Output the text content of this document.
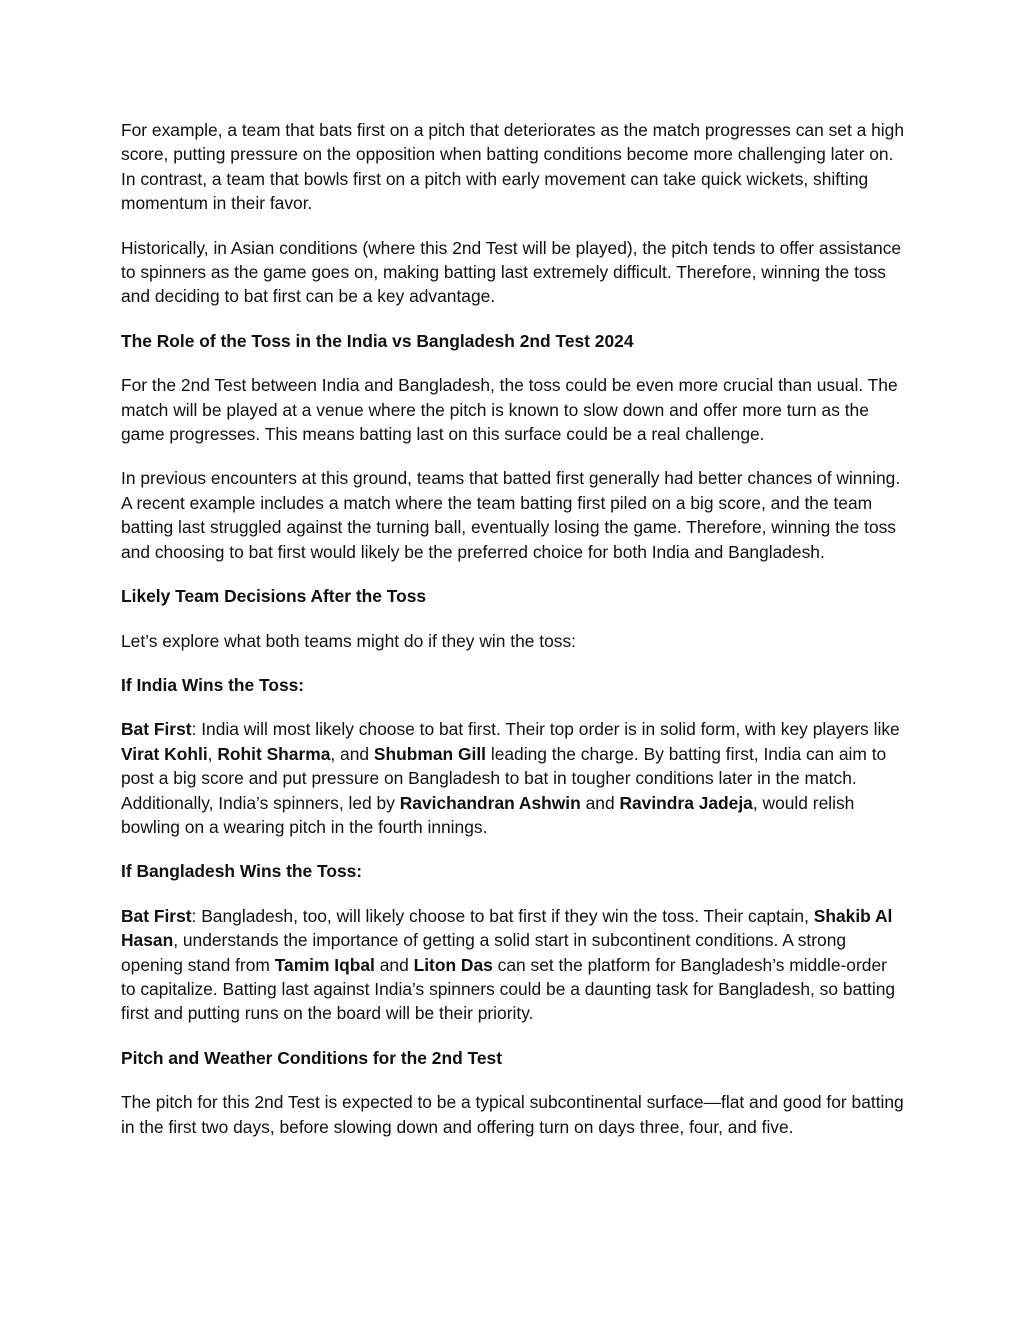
For example, a team that bats first on a pitch that deteriorates as the match progresses can set a high score, putting pressure on the opposition when batting conditions become more challenging later on. In contrast, a team that bowls first on a pitch with early movement can take quick wickets, shifting momentum in their favor.

Historically, in Asian conditions (where this 2nd Test will be played), the pitch tends to offer assistance to spinners as the game goes on, making batting last extremely difficult. Therefore, winning the toss and deciding to bat first can be a key advantage.

The Role of the Toss in the India vs Bangladesh 2nd Test 2024

For the 2nd Test between India and Bangladesh, the toss could be even more crucial than usual. The match will be played at a venue where the pitch is known to slow down and offer more turn as the game progresses. This means batting last on this surface could be a real challenge.

In previous encounters at this ground, teams that batted first generally had better chances of winning. A recent example includes a match where the team batting first piled on a big score, and the team batting last struggled against the turning ball, eventually losing the game. Therefore, winning the toss and choosing to bat first would likely be the preferred choice for both India and Bangladesh.

Likely Team Decisions After the Toss

Let’s explore what both teams might do if they win the toss:

If India Wins the Toss:

Bat First: India will most likely choose to bat first. Their top order is in solid form, with key players like Virat Kohli, Rohit Sharma, and Shubman Gill leading the charge. By batting first, India can aim to post a big score and put pressure on Bangladesh to bat in tougher conditions later in the match. Additionally, India’s spinners, led by Ravichandran Ashwin and Ravindra Jadeja, would relish bowling on a wearing pitch in the fourth innings.

If Bangladesh Wins the Toss:

Bat First: Bangladesh, too, will likely choose to bat first if they win the toss. Their captain, Shakib Al Hasan, understands the importance of getting a solid start in subcontinent conditions. A strong opening stand from Tamim Iqbal and Liton Das can set the platform for Bangladesh’s middle-order to capitalize. Batting last against India’s spinners could be a daunting task for Bangladesh, so batting first and putting runs on the board will be their priority.

Pitch and Weather Conditions for the 2nd Test

The pitch for this 2nd Test is expected to be a typical subcontinental surface—flat and good for batting in the first two days, before slowing down and offering turn on days three, four, and five.
